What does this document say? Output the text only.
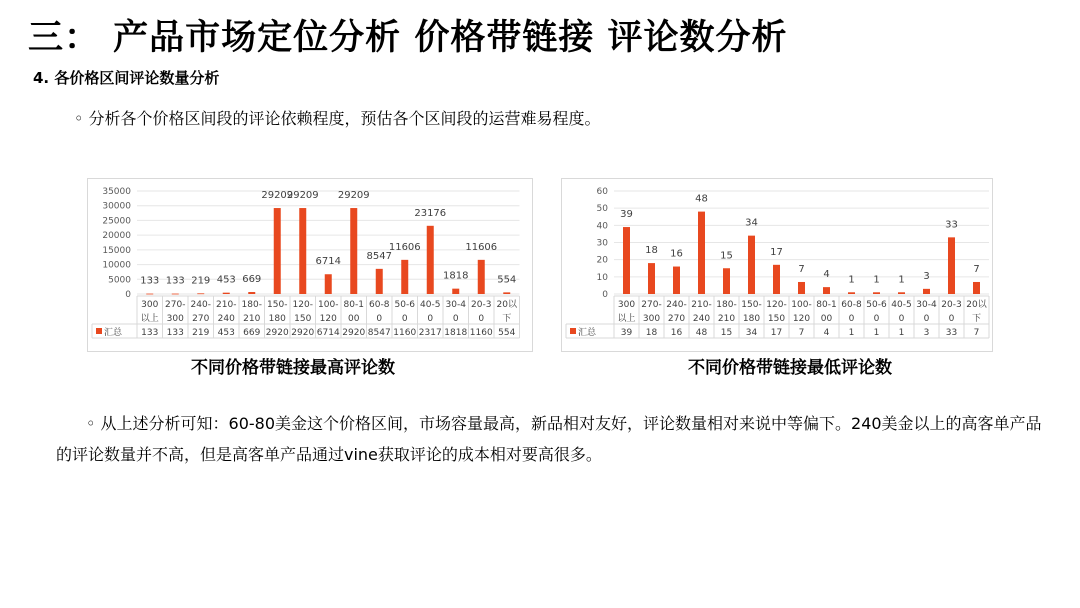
三： 产品市场定位分析 价格带链接 评论数分析
4. 各价格区间评论数量分析
◦ 分析各个价格区间段的评论依赖程度，预估各个区间段的运营难易程度。
0
5000
10000
15000
20000
25000
30000
35000
133 133 219 453 669
29209
29209
6714
29209
8547
11606
23176
1818
11606
554
300
以上
270-
300
240-
270
210-
240
180-
210
150-
180
120-
150
100-
120
80-1
00
60-8
0
50-6
0
40-5
0
30-4
0
20-3
0
20以
下
汇总 133 133 219 453 669 2920 2920 6714 2920 8547 1160 2317 1818 1160 554
不同价格带链接最高评论数
0
10
20
30
40
50
60
39
18 16
48
15
34
17
7 4 1 1 1 3
33
7
300
以上
270-
300
240-
270
210-
240
180-
210
150-
180
120-
150
100-
120
80-1
00
60-8
0
50-6
0
40-5
0
30-4
0
20-3
0
20以
下
汇总	39 18 16 48 15 34 17 7 4 1 1 1 3 33 7
不同价格带链接最低评论数
◦ 从上述分析可知：60-80美金这个价格区间，市场容量最高，新品相对友好，评论数量相对来说中等偏下。240美金以上的高客单产品的评论数量并不高，但是高客单产品通过vine获取评论的成本相对要高很多。
